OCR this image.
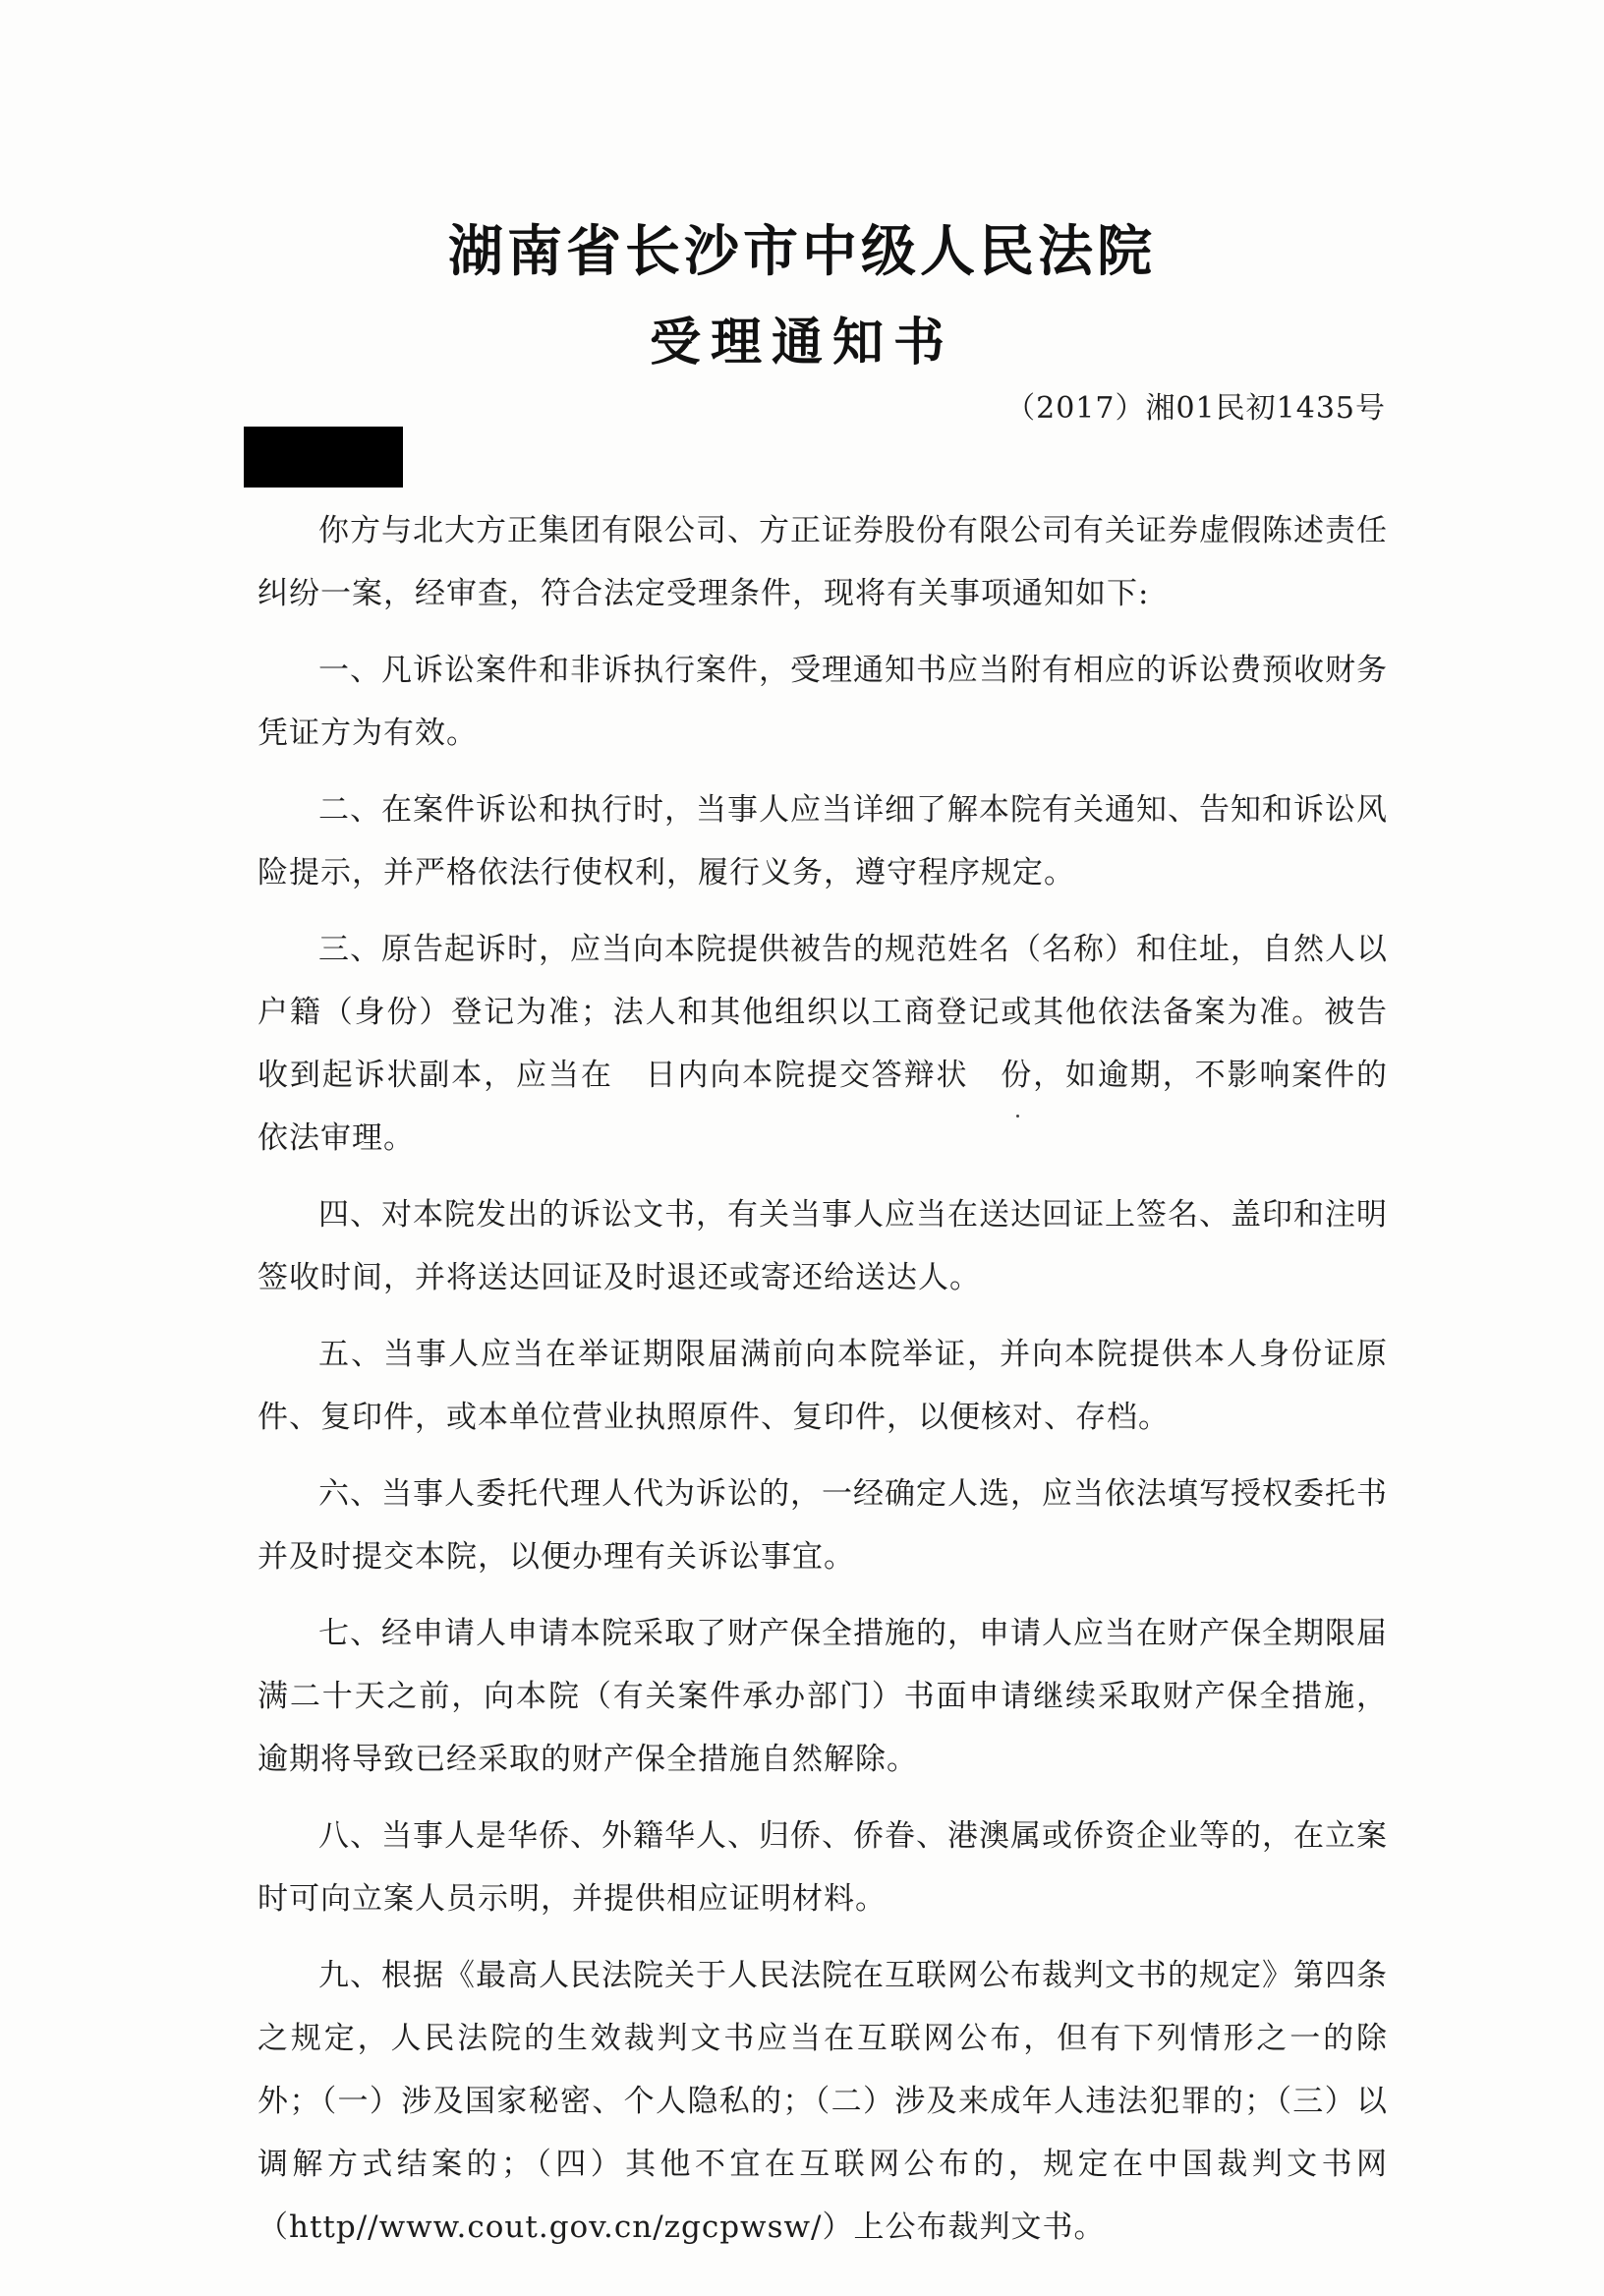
湖南省长沙市中级人民法院
受理通知书

（2017）湘01民初1435号

你方与北大方正集团有限公司、方正证券股份有限公司有关证券虚假陈述责任纠纷一案，经审查，符合法定受理条件，现将有关事项通知如下:

一、凡诉讼案件和非诉执行案件，受理通知书应当附有相应的诉讼费预收财务凭证方为有效。

二、在案件诉讼和执行时，当事人应当详细了解本院有关通知、告知和诉讼风险提示，并严格依法行使权利，履行义务，遵守程序规定。

三、原告起诉时，应当向本院提供被告的规范姓名（名称）和住址，自然人以户籍（身份）登记为准；法人和其他组织以工商登记或其他依法备案为准。被告收到起诉状副本，应当在　日内向本院提交答辩状　份，如逾期，不影响案件的依法审理。

四、对本院发出的诉讼文书，有关当事人应当在送达回证上签名、盖印和注明签收时间，并将送达回证及时退还或寄还给送达人。

五、当事人应当在举证期限届满前向本院举证，并向本院提供本人身份证原件、复印件，或本单位营业执照原件、复印件，以便核对、存档。

六、当事人委托代理人代为诉讼的，一经确定人选，应当依法填写授权委托书并及时提交本院，以便办理有关诉讼事宜。

七、经申请人申请本院采取了财产保全措施的，申请人应当在财产保全期限届满二十天之前，向本院（有关案件承办部门）书面申请继续采取财产保全措施，逾期将导致已经采取的财产保全措施自然解除。

八、当事人是华侨、外籍华人、归侨、侨眷、港澳属或侨资企业等的，在立案时可向立案人员示明，并提供相应证明材料。

九、根据《最高人民法院关于人民法院在互联网公布裁判文书的规定》第四条之规定，人民法院的生效裁判文书应当在互联网公布，但有下列情形之一的除外；（一）涉及国家秘密、个人隐私的；（二）涉及来成年人违法犯罪的；（三）以调解方式结案的；（四）其他不宜在互联网公布的，规定在中国裁判文书网（http//www.cout.gov.cn/zgcpwsw/）上公布裁判文书。
